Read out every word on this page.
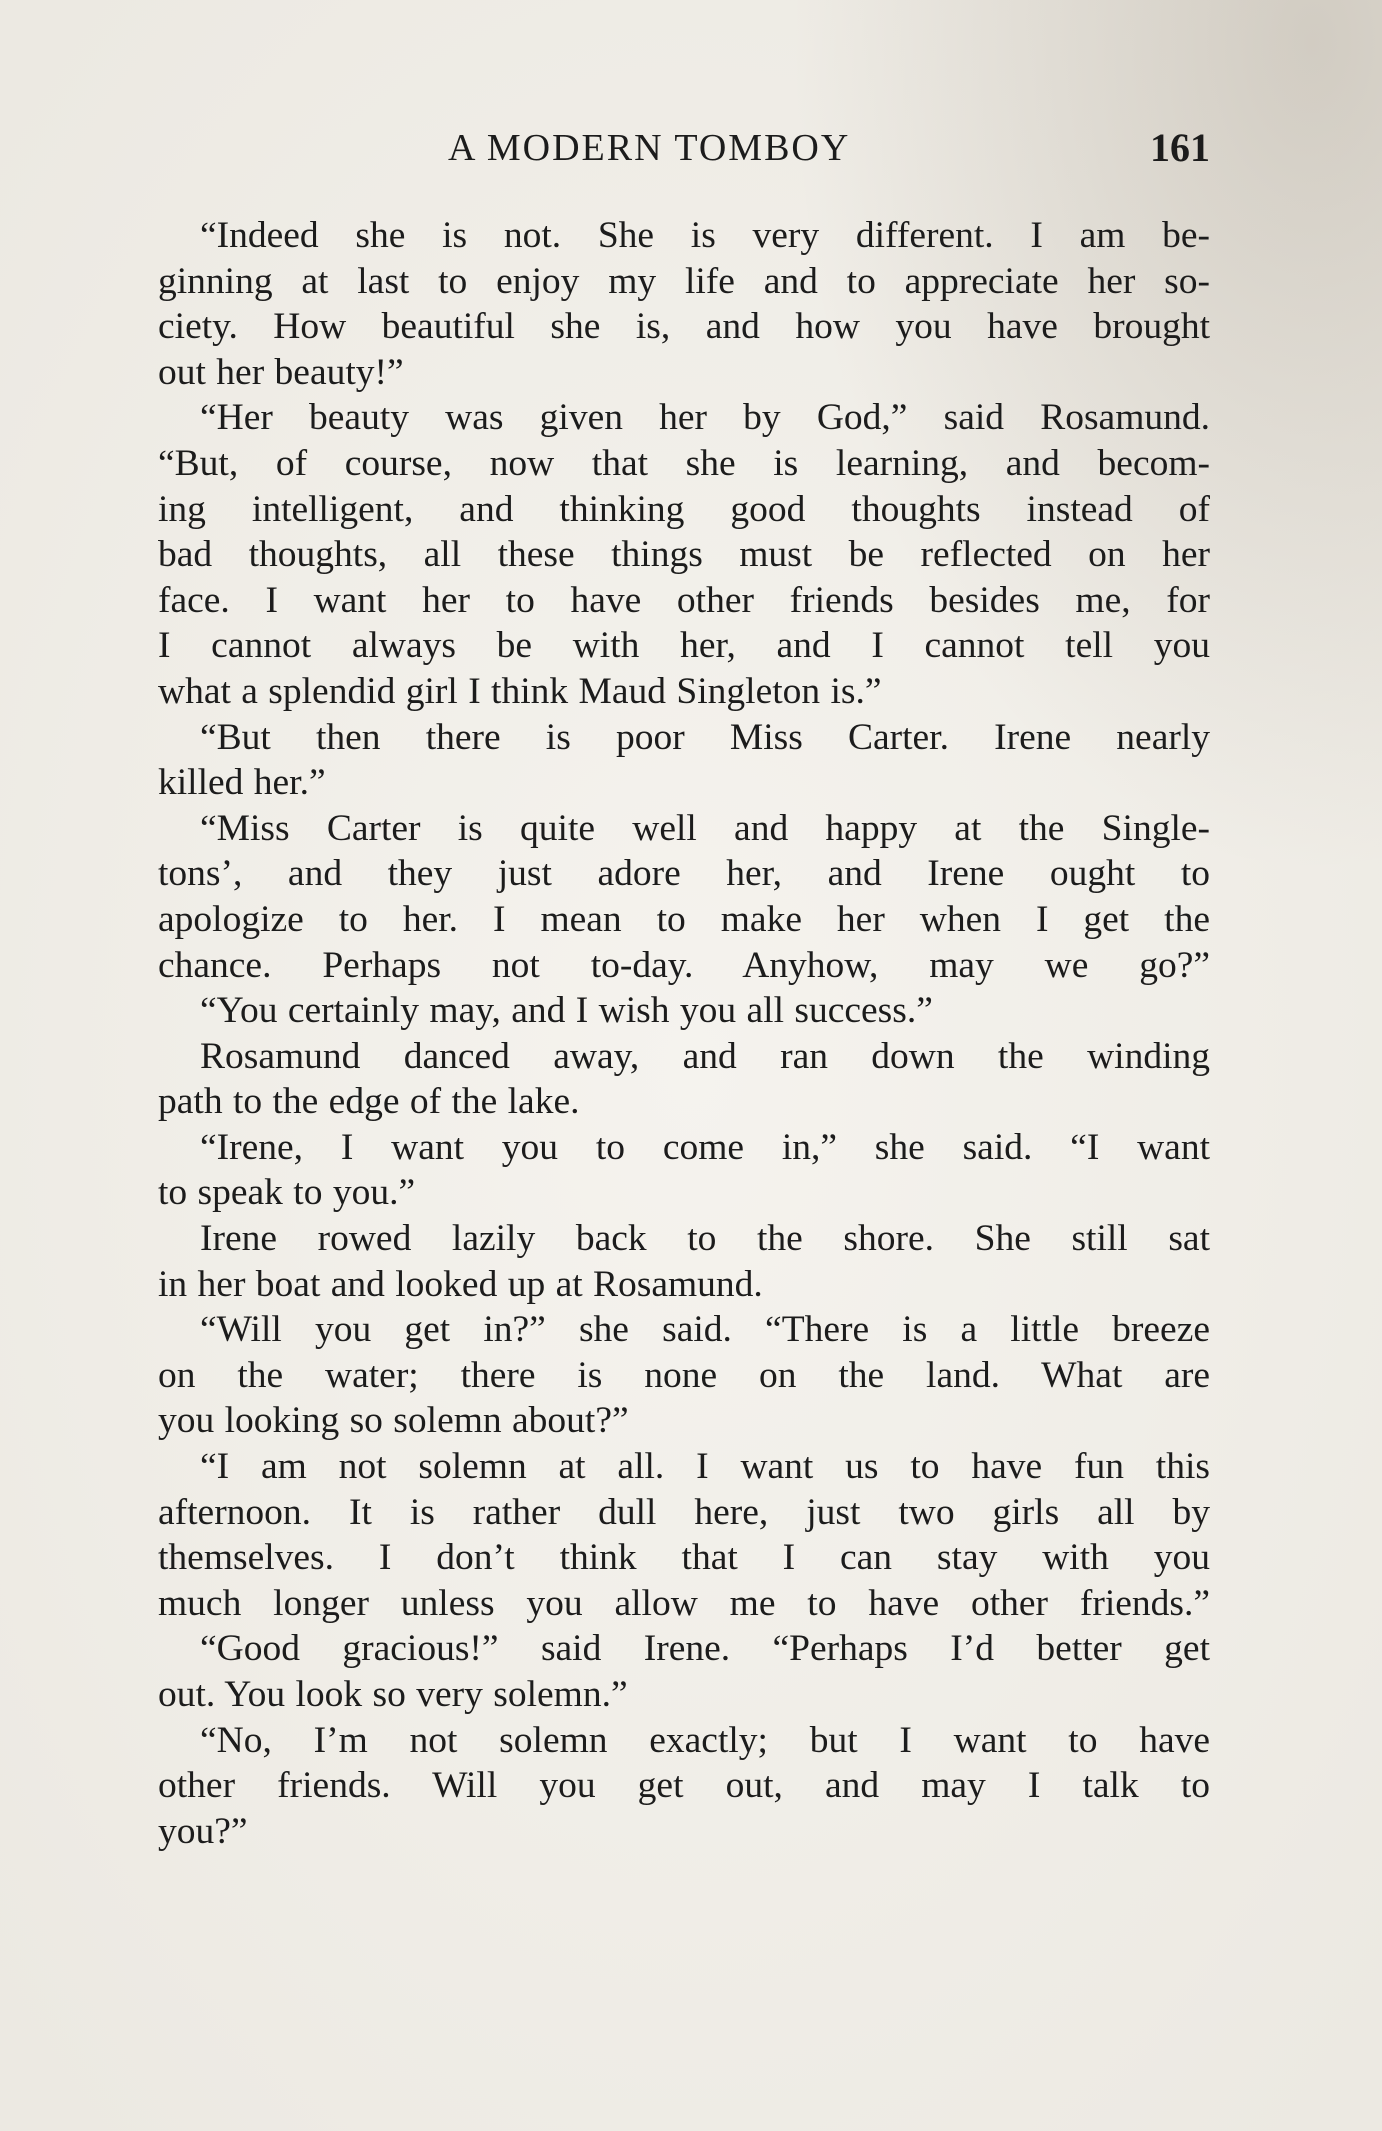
A MODERN TOMBOY	161
“Indeed she is not. She is very different. I am be-
ginning at last to enjoy my life and to appreciate her so-
ciety. How beautiful she is, and how you have brought
out her beauty!”
“Her beauty was given her by God,” said Rosamund.
“But, of course, now that she is learning, and becom-
ing intelligent, and thinking good thoughts instead of
bad thoughts, all these things must be reflected on her
face. I want her to have other friends besides me, for
I cannot always be with her, and I cannot tell you
what a splendid girl I think Maud Singleton is.”
“But then there is poor Miss Carter. Irene nearly
killed her.”
“Miss Carter is quite well and happy at the Single-
tons’, and they just adore her, and Irene ought to
apologize to her. I mean to make her when I get the
chance. Perhaps not to-day. Anyhow, may we go?”
“You certainly may, and I wish you all success.”
Rosamund danced away, and ran down the winding
path to the edge of the lake.
“Irene, I want you to come in,” she said. “I want
to speak to you.”
Irene rowed lazily back to the shore. She still sat
in her boat and looked up at Rosamund.
“Will you get in?” she said. “There is a little breeze
on the water; there is none on the land. What are
you looking so solemn about?”
“I am not solemn at all. I want us to have fun this
afternoon. It is rather dull here, just two girls all by
themselves. I don’t think that I can stay with you
much longer unless you allow me to have other friends.”
“Good gracious!” said Irene. “Perhaps I’d better get
out. You look so very solemn.”
“No, I’m not solemn exactly; but I want to have
other friends. Will you get out, and may I talk to
you?”
